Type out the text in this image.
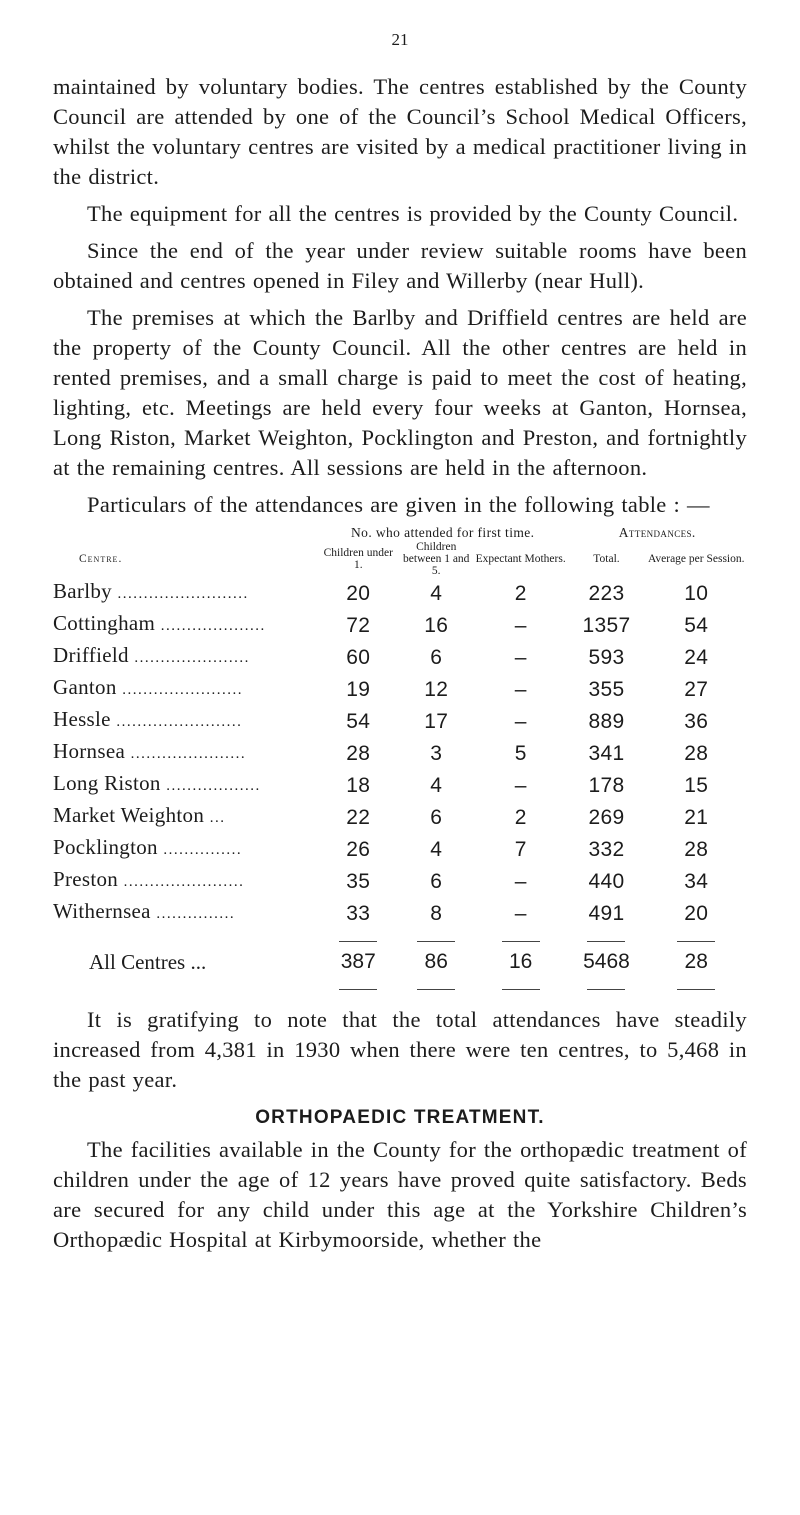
21

maintained by voluntary bodies. The centres established by the County Council are attended by one of the Council’s School Medical Officers, whilst the voluntary centres are visited by a medical practitioner living in the district.

The equipment for all the centres is provided by the County Council.

Since the end of the year under review suitable rooms have been obtained and centres opened in Filey and Willerby (near Hull).

The premises at which the Barlby and Driffield centres are held are the property of the County Council. All the other centres are held in rented premises, and a small charge is paid to meet the cost of heating, lighting, etc. Meetings are held every four weeks at Ganton, Hornsea, Long Riston, Market Weighton, Pocklington and Preston, and fortnightly at the remaining centres. All sessions are held in the afternoon.

Particulars of the attendances are given in the following table : —

	No. who attended for first time.			Attendances.	
Centre.	Children under 1.	Children between 1 and 5.	Expectant Mothers.	Total.	Average per Session.
Barlby .........................	20	4	2	223	10
Cottingham ....................	72	16	–	1357	54
Driffield ......................	60	6	–	593	24
Ganton .......................	19	12	–	355	27
Hessle ........................	54	17	–	889	36
Hornsea ......................	28	3	5	341	28
Long Riston ..................	18	4	–	178	15
Market Weighton ...	22	6	2	269	21
Pocklington ...............	26	4	7	332	28
Preston .......................	35	6	–	440	34
Withernsea ...............	33	8	–	491	20

All Centres ...	387	86	16	5468	28

It is gratifying to note that the total attendances have steadily increased from 4,381 in 1930 when there were ten centres, to 5,468 in the past year.

ORTHOPAEDIC TREATMENT.

The facilities available in the County for the orthopædic treatment of children under the age of 12 years have proved quite satisfactory. Beds are secured for any child under this age at the Yorkshire Children’s Orthopædic Hospital at Kirbymoorside, whether the
